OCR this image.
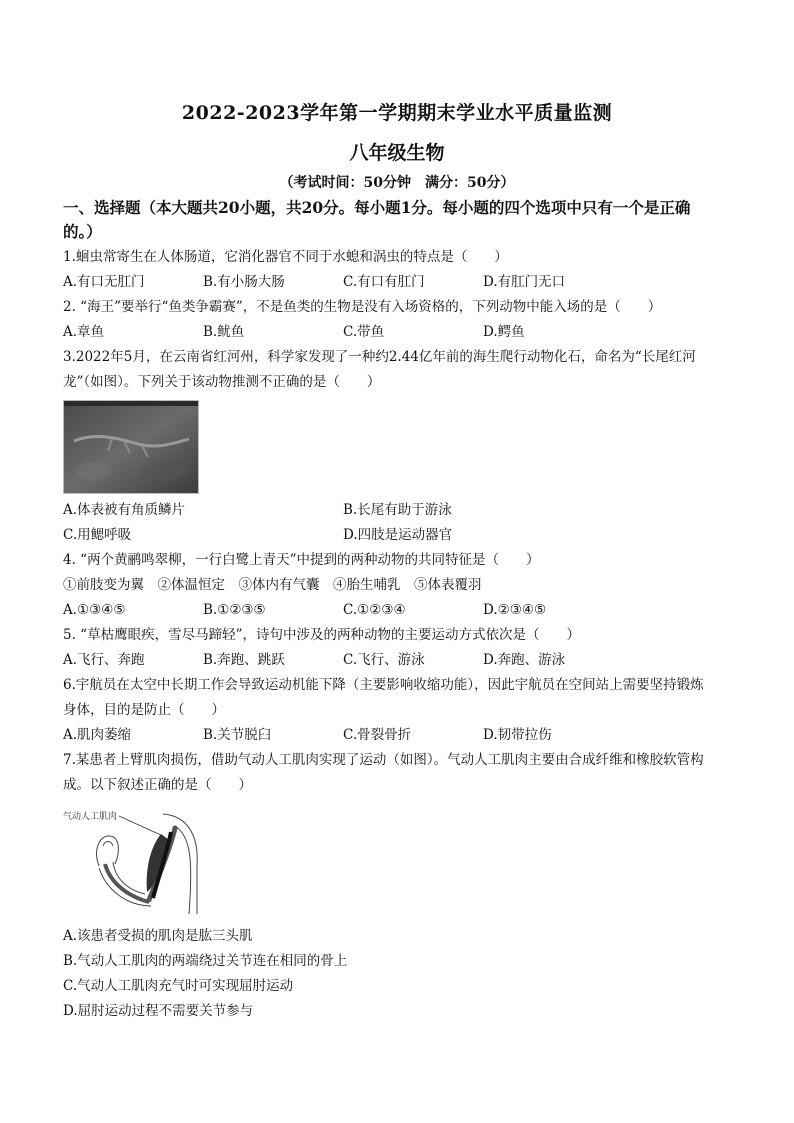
2022-2023学年第一学期期末学业水平质量监测
八年级生物
（考试时间：50分钟　满分：50分）
一、选择题（本大题共20小题，共20分。每小题1分。每小题的四个选项中只有一个是正确
的。）
1.蛔虫常寄生在人体肠道，它消化器官不同于水螅和涡虫的特点是（　　）
A.有口无肛门	B.有小肠大肠	C.有口有肛门	D.有肛门无口
2. “海王”要举行“鱼类争霸赛”，不是鱼类的生物是没有入场资格的，下列动物中能入场的是（　　）
A.章鱼	B.鱿鱼	C.带鱼	D.鳄鱼
3.2022年5月，在云南省红河州，科学家发现了一种约2.44亿年前的海生爬行动物化石，命名为“长尾红河
龙”（如图）。下列关于该动物推测不正确的是（　　）
A.体表被有角质鳞片	B.长尾有助于游泳
C.用鳃呼吸	D.四肢是运动器官
4. “两个黄鹂鸣翠柳，一行白鹭上青天”中提到的两种动物的共同特征是（　　）
①前肢变为翼　②体温恒定　③体内有气囊　④胎生哺乳　⑤体表覆羽
A.①③④⑤	B.①②③⑤	C.①②③④	D.②③④⑤
5. “草枯鹰眼疾，雪尽马蹄轻”，诗句中涉及的两种动物的主要运动方式依次是（　　）
A.飞行、奔跑	B.奔跑、跳跃	C.飞行、游泳	D.奔跑、游泳
6.宇航员在太空中长期工作会导致运动机能下降（主要影响收缩功能），因此宇航员在空间站上需要坚持锻炼
身体，目的是防止（　　）
A.肌肉萎缩	B.关节脱臼	C.骨裂骨折	D.韧带拉伤
7.某患者上臂肌肉损伤，借助气动人工肌肉实现了运动（如图）。气动人工肌肉主要由合成纤维和橡胶软管构
成。以下叙述正确的是（　　）
气动人工肌肉
A.该患者受损的肌肉是肱三头肌
B.气动人工肌肉的两端绕过关节连在相同的骨上
C.气动人工肌肉充气时可实现屈肘运动
D.屈肘运动过程不需要关节参与
